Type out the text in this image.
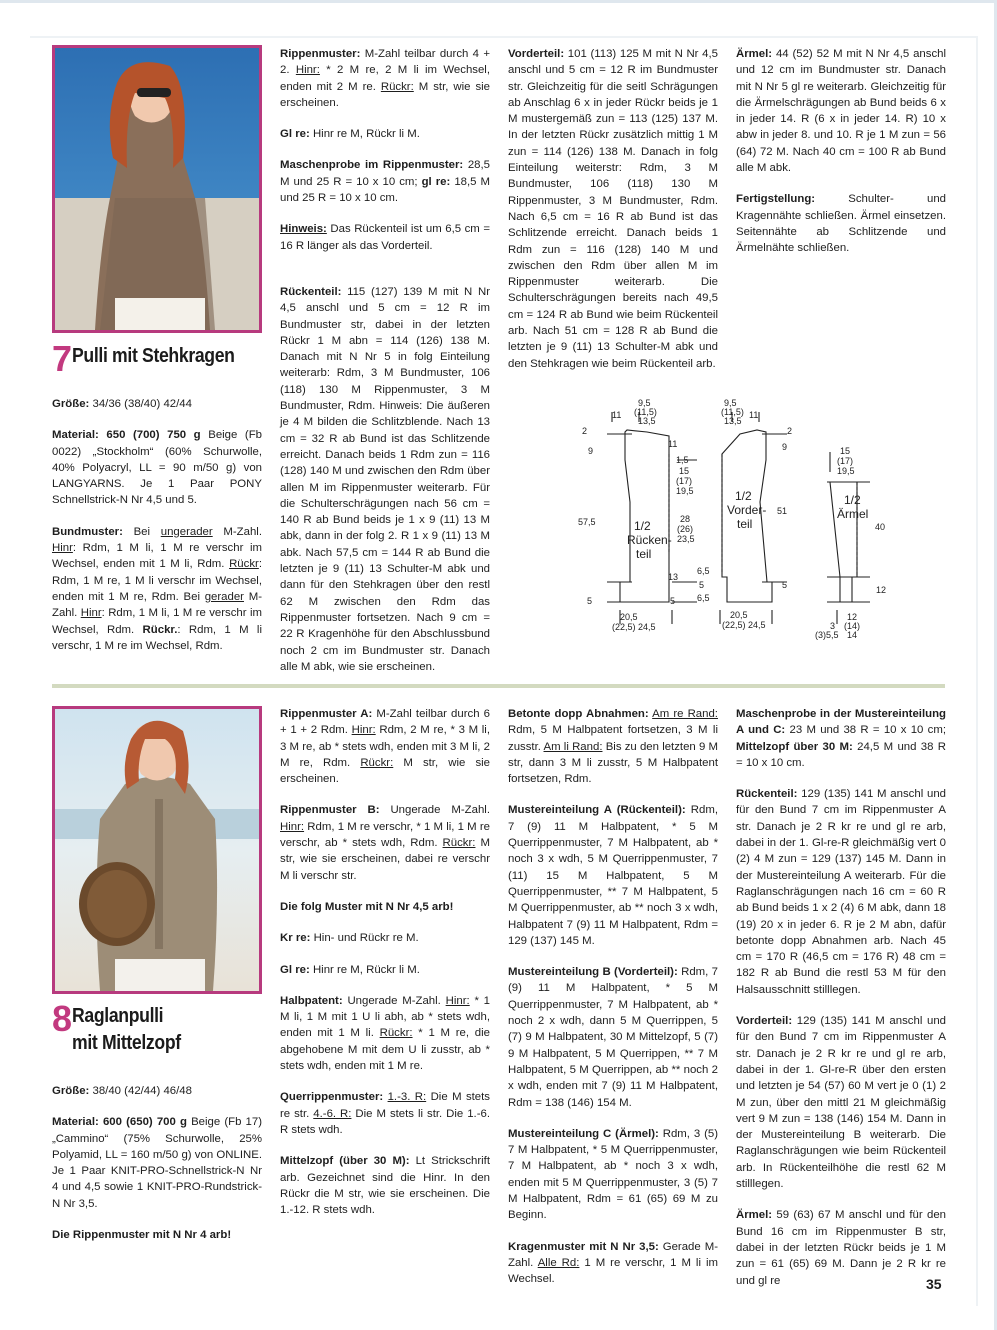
7 Pulli mit Stehkragen

Größe: 34/36 (38/40) 42/44

Material: 650 (700) 750 g Beige (Fb 0022) „Stockholm“ (60% Schurwolle, 40% Polyacryl, LL = 90 m/50 g) von LANGYARNS. Je 1 Paar PONY Schnellstrick-N Nr 4,5 und 5.

Bundmuster: Bei ungerader M-Zahl. Hinr: Rdm, 1 M li, 1 M re verschr im Wechsel, enden mit 1 M li, Rdm. Rückr: Rdm, 1 M re, 1 M li verschr im Wechsel, enden mit 1 M re, Rdm. Bei gerader M-Zahl. Hinr: Rdm, 1 M li, 1 M re verschr im Wechsel, Rdm. Rückr.: Rdm, 1 M li verschr, 1 M re im Wechsel, Rdm.

Rippenmuster: M-Zahl teilbar durch 4 + 2. Hinr: * 2 M re, 2 M li im Wechsel, enden mit 2 M re. Rückr: M str, wie sie erscheinen.

Gl re: Hinr re M, Rückr li M.

Maschenprobe im Rippenmuster: 28,5 M und 25 R = 10 x 10 cm; gl re: 18,5 M und 25 R = 10 x 10 cm.

Hinweis: Das Rückenteil ist um 6,5 cm = 16 R länger als das Vorderteil.

Rückenteil: 115 (127) 139 M mit N Nr 4,5 anschl und 5 cm = 12 R im Bundmuster str, dabei in der letzten Rückr 1 M abn = 114 (126) 138 M. Danach mit N Nr 5 in folg Einteilung weiterarb: Rdm, 3 M Bundmuster, 106 (118) 130 M Rippenmuster, 3 M Bundmuster, Rdm. Hinweis: Die äußeren je 4 M bilden die Schlitzblende. Nach 13 cm = 32 R ab Bund ist das Schlitzende erreicht. Danach beids 1 Rdm zun = 116 (128) 140 M und zwischen den Rdm über allen M im Rippenmuster weiterarb. Für die Schulterschrägungen nach 56 cm = 140 R ab Bund beids je 1 x 9 (11) 13 M abk, dann in der folg 2. R 1 x 9 (11) 13 M abk. Nach 57,5 cm = 144 R ab Bund die letzten je 9 (11) 13 Schulter-M abk und dann für den Stehkragen über den restl 62 M zwischen den Rdm das Rippenmuster fortsetzen. Nach 9 cm = 22 R Kragenhöhe für den Abschlussbund noch 2 cm im Bundmuster str. Danach alle M abk, wie sie erscheinen.

Vorderteil: 101 (113) 125 M mit N Nr 4,5 anschl und 5 cm = 12 R im Bundmuster str. Gleichzeitig für die seitl Schrägungen ab Anschlag 6 x in jeder Rückr beids je 1 M mustergemäß zun = 113 (125) 137 M. In der letzten Rückr zusätzlich mittig 1 M zun = 114 (126) 138 M. Danach in folg Einteilung weiterstr: Rdm, 3 M Bundmuster, 106 (118) 130 M Rippenmuster, 3 M Bundmuster, Rdm. Nach 6,5 cm = 16 R ab Bund ist das Schlitzende erreicht. Danach beids 1 Rdm zun = 116 (128) 140 M und zwischen den Rdm über allen M im Rippenmuster weiterarb. Die Schulterschrägungen bereits nach 49,5 cm = 124 R ab Bund wie beim Rückenteil arb. Nach 51 cm = 128 R ab Bund die letzten je 9 (11) 13 Schulter-M abk und den Stehkragen wie beim Rückenteil arb.

Ärmel: 44 (52) 52 M mit N Nr 4,5 anschl und 12 cm im Bundmuster str. Danach mit N Nr 5 gl re weiterarb. Gleichzeitig für die Ärmelschrägungen ab Bund beids 6 x in jeder 14. R (6 x in jeder 14. R) 10 x abw in jeder 8. und 10. R je 1 M zun = 56 (64) 72 M. Nach 40 cm = 100 R ab Bund alle M abk.

Fertigstellung:	Schulter- und Kragennähte schließen. Ärmel einsetzen. Seitennähte ab Schlitzende und Ärmelnähte schließen.

1/2
Rücken-
teil
1/2
Vorder-
teil
1/2
Ärmel
9,5
(11,5)
13,5
11
2
9
11
1,5
15
(17)
19,5
28
(26)
23,5
57,5
13
6,5
5
6,5
5	5
20,5
(22,5) 24,5
9,5
(11,5)
13,5
11
2
9
51
5
20,5
(22,5) 24,5
15
(17)
19,5
40
12
12
(14)
14
3
(3)5,5
8 Raglanpulli
mit Mittelzopf

Größe: 38/40 (42/44) 46/48

Material: 600 (650) 700 g Beige (Fb 17) „Cammino“ (75% Schurwolle, 25% Polyamid, LL = 160 m/50 g) von ONLINE. Je 1 Paar KNIT-PRO-Schnellstrick-N Nr 4 und 4,5 sowie 1 KNIT-PRO-Rundstrick-N Nr 3,5.

Die Rippenmuster mit N Nr 4 arb!

Rippenmuster A: M-Zahl teilbar durch 6 + 1 + 2 Rdm. Hinr: Rdm, 2 M re, * 3 M li, 3 M re, ab * stets wdh, enden mit 3 M li, 2 M re, Rdm. Rückr: M str, wie sie erscheinen.

Rippenmuster B: Ungerade M-Zahl. Hinr: Rdm, 1 M re verschr, * 1 M li, 1 M re verschr, ab * stets wdh, Rdm. Rückr: M str, wie sie erscheinen, dabei re verschr M li verschr str.

Die folg Muster mit N Nr 4,5 arb!

Kr re: Hin- und Rückr re M.

Gl re: Hinr re M, Rückr li M.

Halbpatent: Ungerade M-Zahl. Hinr: * 1 M li, 1 M mit 1 U li abh, ab * stets wdh, enden mit 1 M li. Rückr: * 1 M re, die abgehobene M mit dem U li zusstr, ab * stets wdh, enden mit 1 M re.

Querrippenmuster: 1.-3. R: Die M stets re str. 4.-6. R: Die M stets li str. Die 1.-6. R stets wdh.

Mittelzopf (über 30 M): Lt Strickschrift arb. Gezeichnet sind die Hinr. In den Rückr die M str, wie sie erscheinen. Die 1.-12. R stets wdh.

Betonte dopp Abnahmen: Am re Rand: Rdm, 5 M Halbpatent fortsetzen, 3 M li zusstr. Am li Rand: Bis zu den letzten 9 M str, dann 3 M li zusstr, 5 M Halbpatent fortsetzen, Rdm.

Mustereinteilung A (Rückenteil): Rdm, 7 (9) 11 M Halbpatent, * 5 M Querrippenmuster, 7 M Halbpatent, ab * noch 3 x wdh, 5 M Querrippenmuster, 7 (11) 15 M Halbpatent, 5 M Querrippenmuster, ** 7 M Halbpatent, 5 M Querrippenmuster, ab ** noch 3 x wdh, Halbpatent 7 (9) 11 M Halbpatent, Rdm = 129 (137) 145 M.

Mustereinteilung B (Vorderteil): Rdm, 7 (9) 11 M Halbpatent, * 5 M Querrippenmuster, 7 M Halbpatent, ab * noch 2 x wdh, dann 5 M Querrippen, 5 (7) 9 M Halbpatent, 30 M Mittelzopf, 5 (7) 9 M Halbpatent, 5 M Querrippen, ** 7 M Halbpatent, 5 M Querrippen, ab ** noch 2 x wdh, enden mit 7 (9) 11 M Halbpatent, Rdm = 138 (146) 154 M.

Mustereinteilung C (Ärmel): Rdm, 3 (5) 7 M Halbpatent, * 5 M Querrippenmuster, 7 M Halbpatent, ab * noch 3 x wdh, enden mit 5 M Querrippenmuster, 3 (5) 7 M Halbpatent, Rdm = 61 (65) 69 M zu Beginn.

Kragenmuster mit N Nr 3,5: Gerade M-Zahl. Alle Rd: 1 M re verschr, 1 M li im Wechsel.

Maschenprobe in der Mustereinteilung A und C: 23 M und 38 R = 10 x 10 cm; Mittelzopf über 30 M: 24,5 M und 38 R = 10 x 10 cm.

Rückenteil: 129 (135) 141 M anschl und für den Bund 7 cm im Rippenmuster A str. Danach je 2 R kr re und gl re arb, dabei in der 1. Gl-re-R gleichmäßig vert 0 (2) 4 M zun = 129 (137) 145 M. Dann in der Mustereinteilung A weiterarb. Für die Raglanschrägungen nach 16 cm = 60 R ab Bund beids 1 x 2 (4) 6 M abk, dann 18 (19) 20 x in jeder 6. R je 2 M abn, dafür betonte dopp Abnahmen arb. Nach 45 cm = 170 R (46,5 cm = 176 R) 48 cm = 182 R ab Bund die restl 53 M für den Halsausschnitt stilllegen.

Vorderteil: 129 (135) 141 M anschl und für den Bund 7 cm im Rippenmuster A str. Danach je 2 R kr re und gl re arb, dabei in der 1. Gl-re-R über den ersten und letzten je 54 (57) 60 M vert je 0 (1) 2 M zun, über den mittl 21 M gleichmäßig vert 9 M zun = 138 (146) 154 M. Dann in der Mustereinteilung B weiterarb. Die Raglanschrägungen wie beim Rückenteil arb. In Rückenteilhöhe die restl 62 M stilllegen.

Ärmel: 59 (63) 67 M anschl und für den Bund 16 cm im Rippenmuster B str, dabei in der letzten Rückr beids je 1 M zun = 61 (65) 69 M. Dann je 2 R kr re und gl re	35
